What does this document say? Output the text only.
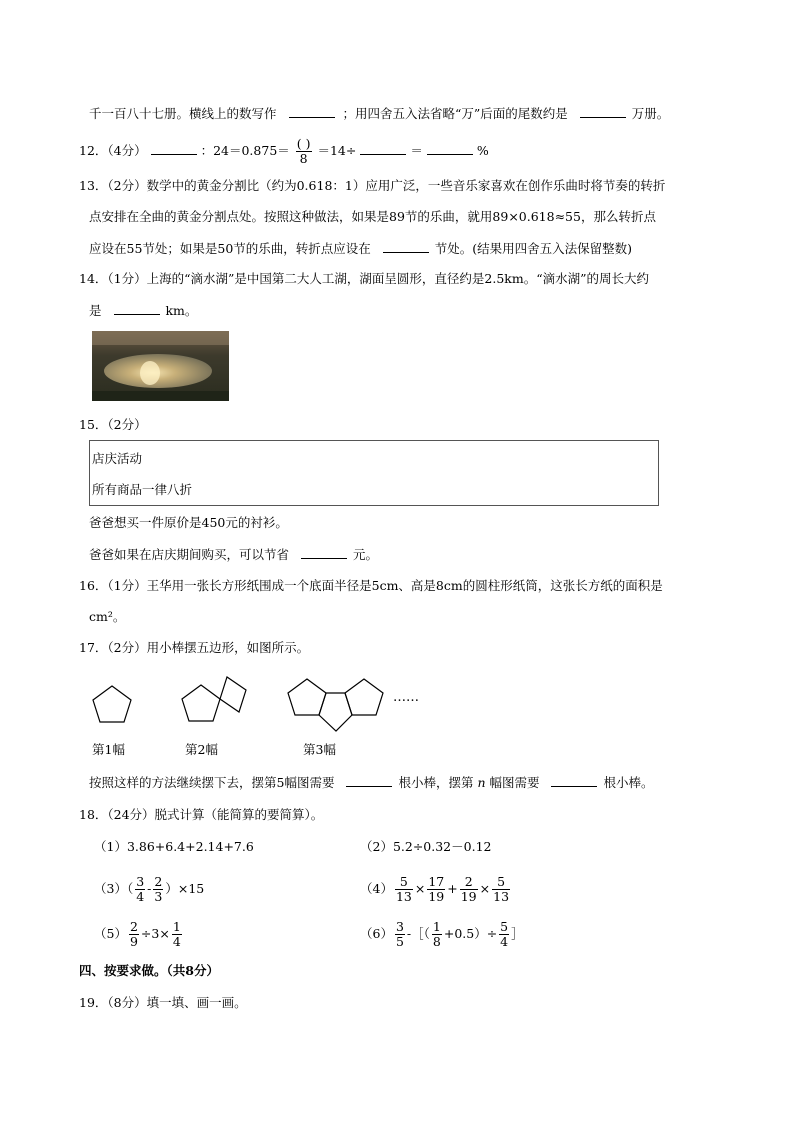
千一百八十七册。横线上的数写作	；用四舍五入法省略“万”后面的尾数约是	万册。
12．（4分）	：$24=0.875= \frac{( )}{8} =14\div$	＝	%
13．（2分）数学中的黄金分割比（约为0.618：1）应用广泛，一些音乐家喜欢在创作乐曲时将节奏的转折
点安排在全曲的黄金分割点处。按照这种做法，如果是89节的乐曲，就用89×0.618≈55，那么转折点
应设在55节处；如果是50节的乐曲，转折点应设在	节处。(结果用四舍五入法保留整数)
14．（1分）上海的“滴水湖”是中国第二大人工湖，湖面呈圆形，直径约是2.5km。“滴水湖”的周长大约
是	km。
15．（2分）
店庆活动
所有商品一律八折
爸爸想买一件原价是450元的衬衫。
爸爸如果在店庆期间购买，可以节省	元。
16．（1分）王华用一张长方形纸围成一个底面半径是5cm、高是8cm的圆柱形纸筒，这张长方纸的面积是
cm²。
17．（2分）用小棒摆五边形，如图所示。
……
第1幅	第2幅	第3幅
按照这样的方法继续摆下去，摆第5幅图需要	根小棒，摆第 n 幅图需要	根小棒。
18．（24分）脱式计算（能简算的要简算）。
（1）3.86+6.4+2.14+7.6	（2）5.2÷0.32－0.12
$(3)( \frac{3}{4} - \frac{2}{3} )\times 15$	$(4) \frac{5}{13} \times \frac{17}{19} + \frac{2}{19} \times \frac{5}{13}$
$(5) \frac{2}{9} \div 3\times \frac{1}{4}$	$(6) \frac{3}{5}$ -［（ $\frac{1}{8} +0.5)\div \frac{5}{4}$ ］
四、按要求做。（共8分）
19．（8分）填一填、画一画。
